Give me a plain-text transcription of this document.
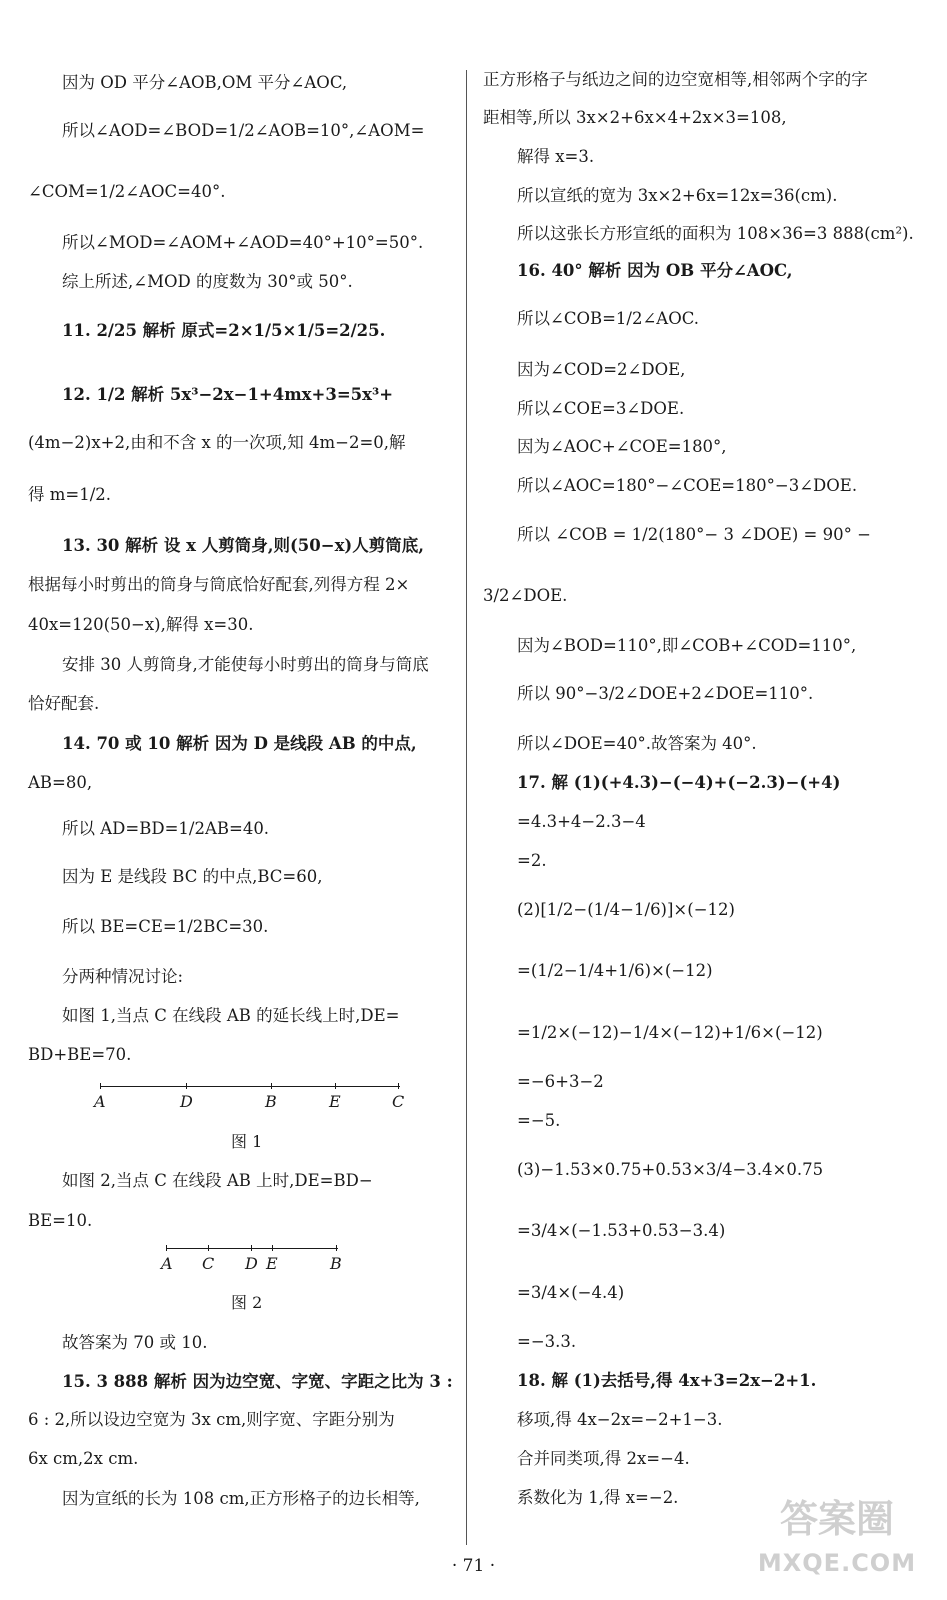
因为 OD 平分∠AOB,OM 平分∠AOC,
所以∠AOD=∠BOD=1/2∠AOB=10°,∠AOM=
∠COM=1/2∠AOC=40°.
所以∠MOD=∠AOM+∠AOD=40°+10°=50°.
综上所述,∠MOD 的度数为 30°或 50°.
11. 2/25 解析 原式=2×1/5×1/5=2/25.
12. 1/2 解析 5x³−2x−1+4mx+3=5x³+
(4m−2)x+2,由和不含 x 的一次项,知 4m−2=0,解
得 m=1/2.
13. 30 解析 设 x 人剪筒身,则(50−x)人剪筒底,
根据每小时剪出的筒身与筒底恰好配套,列得方程 2×
40x=120(50−x),解得 x=30.
安排 30 人剪筒身,才能使每小时剪出的筒身与筒底
恰好配套.
14. 70 或 10 解析 因为 D 是线段 AB 的中点,
AB=80,
所以 AD=BD=1/2AB=40.
因为 E 是线段 BC 的中点,BC=60,
所以 BE=CE=1/2BC=30.
分两种情况讨论:
如图 1,当点 C 在线段 AB 的延长线上时,DE=
BD+BE=70.
A	D	B	E	C
图 1
如图 2,当点 C 在线段 AB 上时,DE=BD−
BE=10.
A C D E	B
图 2
故答案为 70 或 10.
15. 3 888 解析 因为边空宽、字宽、字距之比为 3 :
6 : 2,所以设边空宽为 3x cm,则字宽、字距分别为
6x cm,2x cm.
因为宣纸的长为 108 cm,正方形格子的边长相等,
正方形格子与纸边之间的边空宽相等,相邻两个字的字
距相等,所以 3x×2+6x×4+2x×3=108,
解得 x=3.
所以宣纸的宽为 3x×2+6x=12x=36(cm).
所以这张长方形宣纸的面积为 108×36=3 888(cm²).
16. 40° 解析 因为 OB 平分∠AOC,
所以∠COB=1/2∠AOC.
因为∠COD=2∠DOE,
所以∠COE=3∠DOE.
因为∠AOC+∠COE=180°,
所以∠AOC=180°−∠COE=180°−3∠DOE.
所以 ∠COB = 1/2(180°− 3 ∠DOE) = 90° −
3/2∠DOE.
因为∠BOD=110°,即∠COB+∠COD=110°,
所以 90°−3/2∠DOE+2∠DOE=110°.
所以∠DOE=40°.故答案为 40°.
17. 解 (1)(+4.3)−(−4)+(−2.3)−(+4)
=4.3+4−2.3−4
=2.
(2)[1/2−(1/4−1/6)]×(−12)
=(1/2−1/4+1/6)×(−12)
=1/2×(−12)−1/4×(−12)+1/6×(−12)
=−6+3−2
=−5.
(3)−1.53×0.75+0.53×3/4−3.4×0.75
=3/4×(−1.53+0.53−3.4)
=3/4×(−4.4)
=−3.3.
18. 解 (1)去括号,得 4x+3=2x−2+1.
移项,得 4x−2x=−2+1−3.
合并同类项,得 2x=−4.
系数化为 1,得 x=−2.	答案圈
MXQE.COM
· 71 ·
